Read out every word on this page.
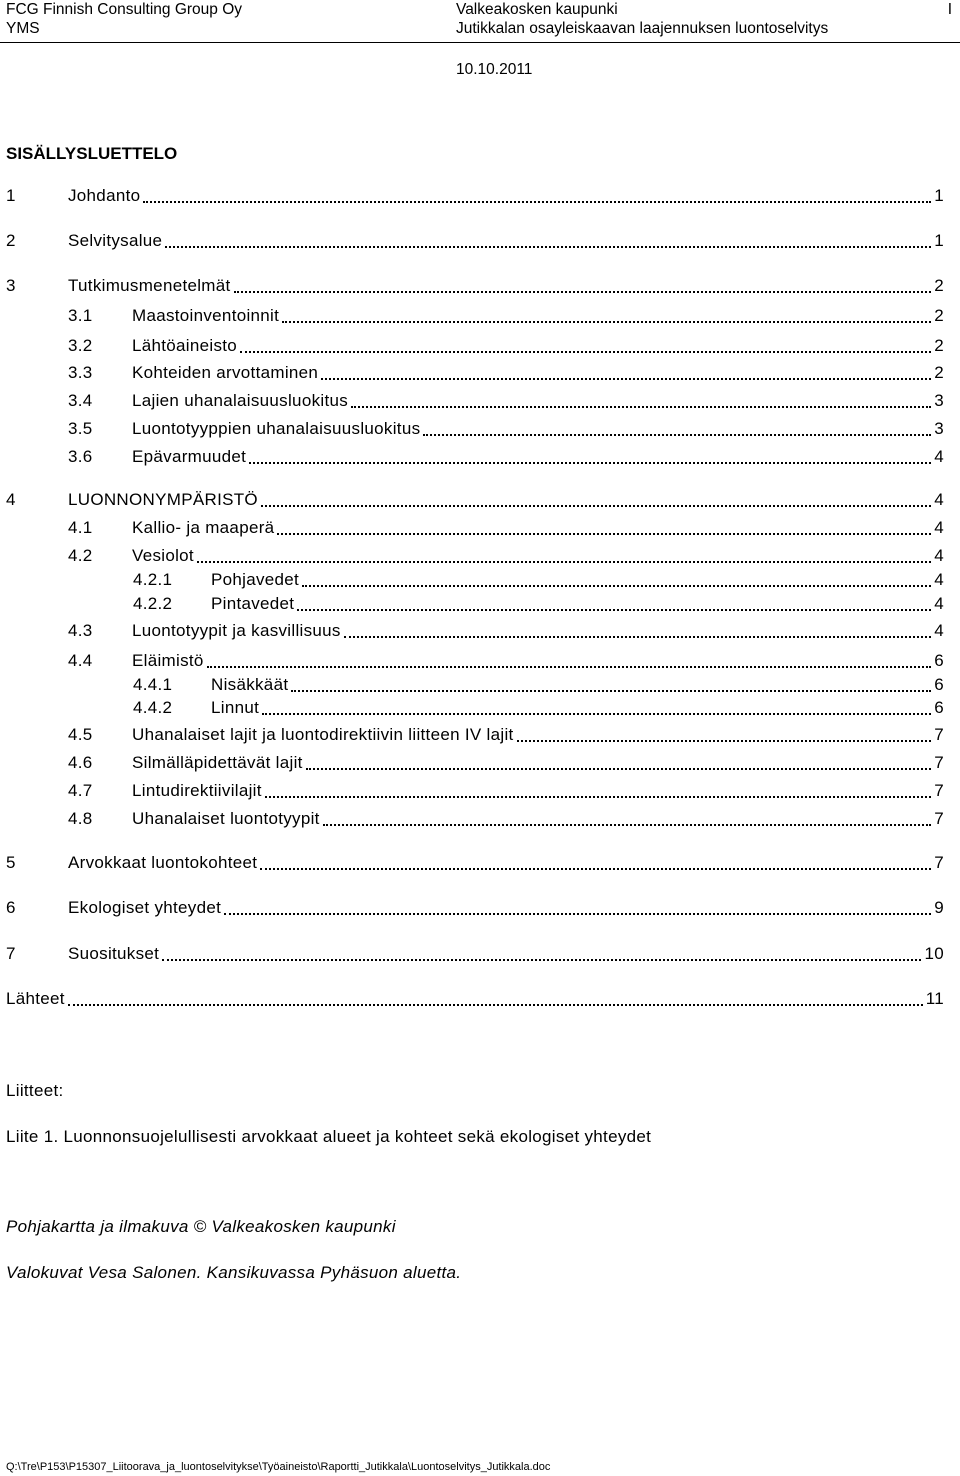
FCG Finnish Consulting Group Oy
YMS
Valkeakosken kaupunki
Jutikkalan osayleiskaavan laajennuksen luontoselvitys
I
10.10.2011
SISÄLLYSLUETTELO
1	Johdanto	1
2	Selvitysalue	1
3	Tutkimusmenetelmät	2
3.1	Maastoinventoinnit	2
3.2	Lähtöaineisto	2
3.3	Kohteiden arvottaminen	2
3.4	Lajien uhanalaisuusluokitus	3
3.5	Luontotyyppien uhanalaisuusluokitus	3
3.6	Epävarmuudet	4
4	LUONNONYMPÄRISTÖ	4
4.1	Kallio- ja maaperä	4
4.2	Vesiolot	4
4.2.1	Pohjavedet	4
4.2.2	Pintavedet	4
4.3	Luontotyypit ja kasvillisuus	4
4.4	Eläimistö	6
4.4.1	Nisäkkäät	6
4.4.2	Linnut	6
4.5	Uhanalaiset lajit ja luontodirektiivin liitteen IV lajit	7
4.6	Silmälläpidettävät lajit	7
4.7	Lintudirektiivilajit	7
4.8	Uhanalaiset luontotyypit	7
5	Arvokkaat luontokohteet	7
6	Ekologiset yhteydet	9
7	Suositukset	10
Lähteet	11
Liitteet:
Liite 1. Luonnonsuojelullisesti arvokkaat alueet ja kohteet sekä ekologiset yhteydet
Pohjakartta ja ilmakuva © Valkeakosken kaupunki
Valokuvat Vesa Salonen. Kansikuvassa Pyhäsuon aluetta.
Q:\Tre\P153\P15307_Liitoorava_ja_luontoselvitykse\Työaineisto\Raportti_Jutikkala\Luontoselvitys_Jutikkala.doc
